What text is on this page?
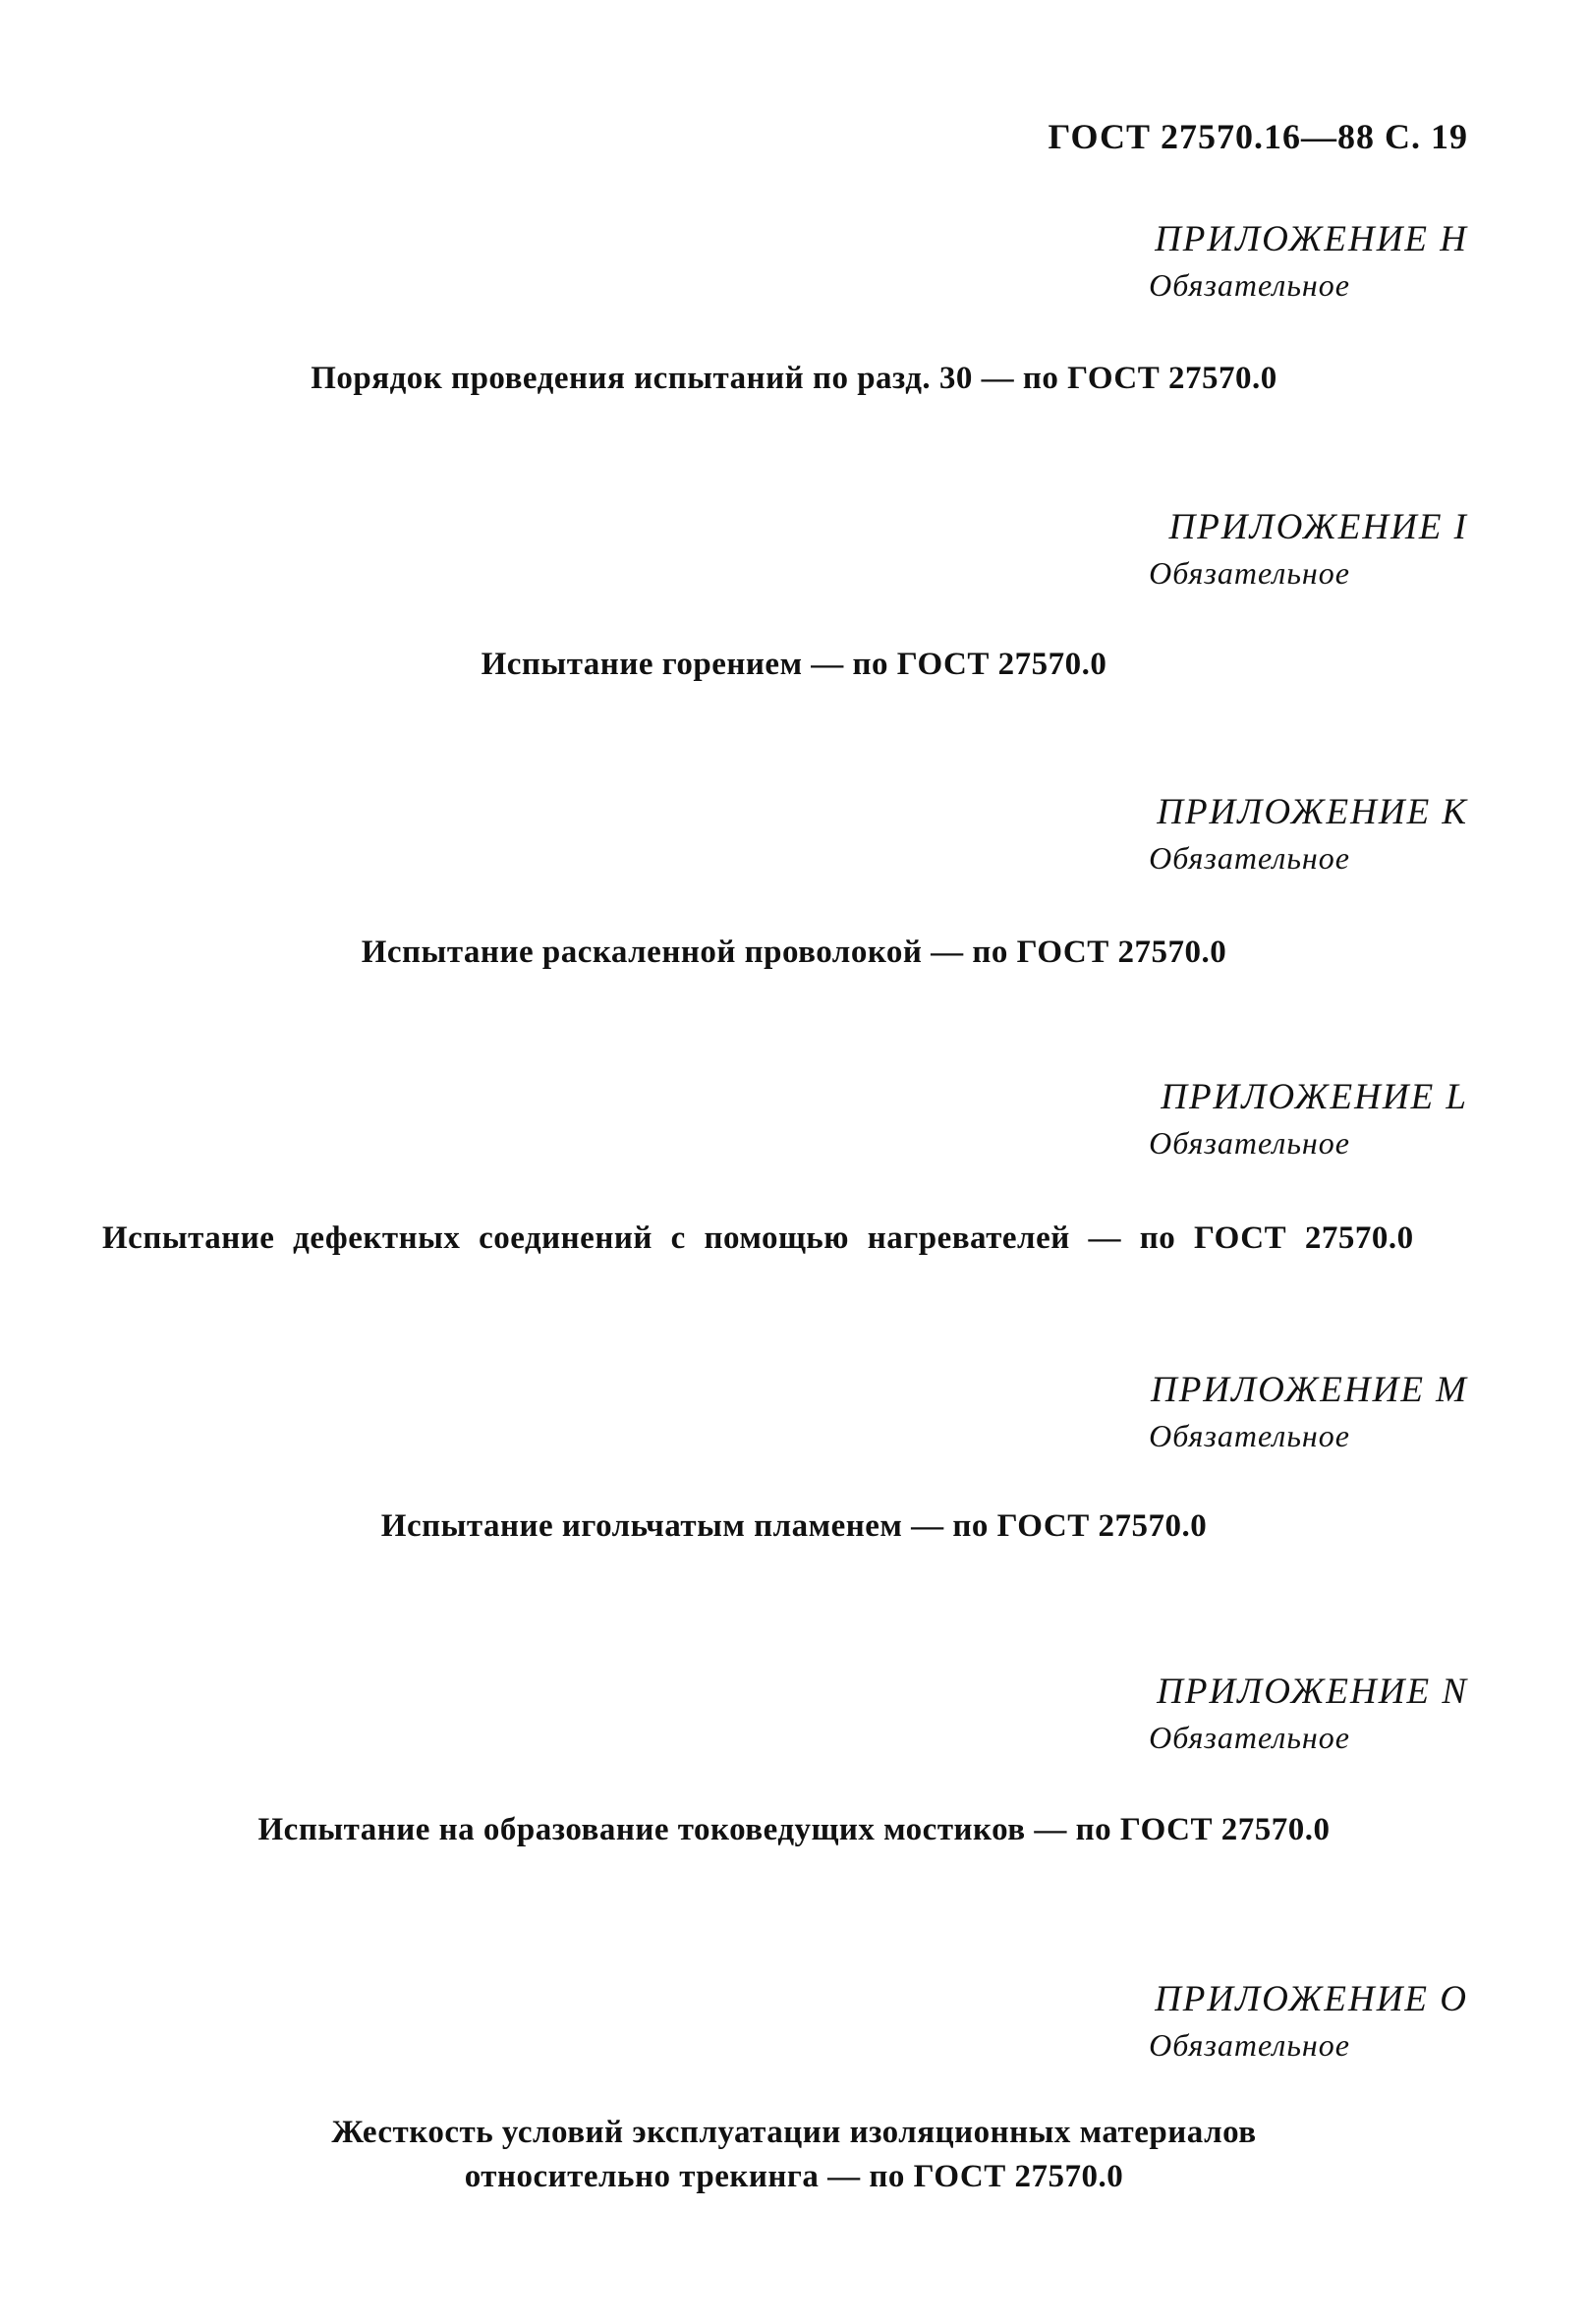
ГОСТ 27570.16—88 С. 19
ПРИЛОЖЕНИЕ Н
Обязательное
Порядок проведения испытаний по разд. 30 — по ГОСТ 27570.0
ПРИЛОЖЕНИЕ I
Обязательное
Испытание горением — по ГОСТ 27570.0
ПРИЛОЖЕНИЕ К
Обязательное
Испытание раскаленной проволокой — по ГОСТ 27570.0
ПРИЛОЖЕНИЕ L
Обязательное
Испытание дефектных соединений с помощью нагревателей — по ГОСТ 27570.0
ПРИЛОЖЕНИЕ M
Обязательное
Испытание игольчатым пламенем — по ГОСТ 27570.0
ПРИЛОЖЕНИЕ N
Обязательное
Испытание на образование токоведущих мостиков — по ГОСТ 27570.0
ПРИЛОЖЕНИЕ О
Обязательное
Жесткость условий эксплуатации изоляционных материалов
относительно трекинга — по ГОСТ 27570.0
